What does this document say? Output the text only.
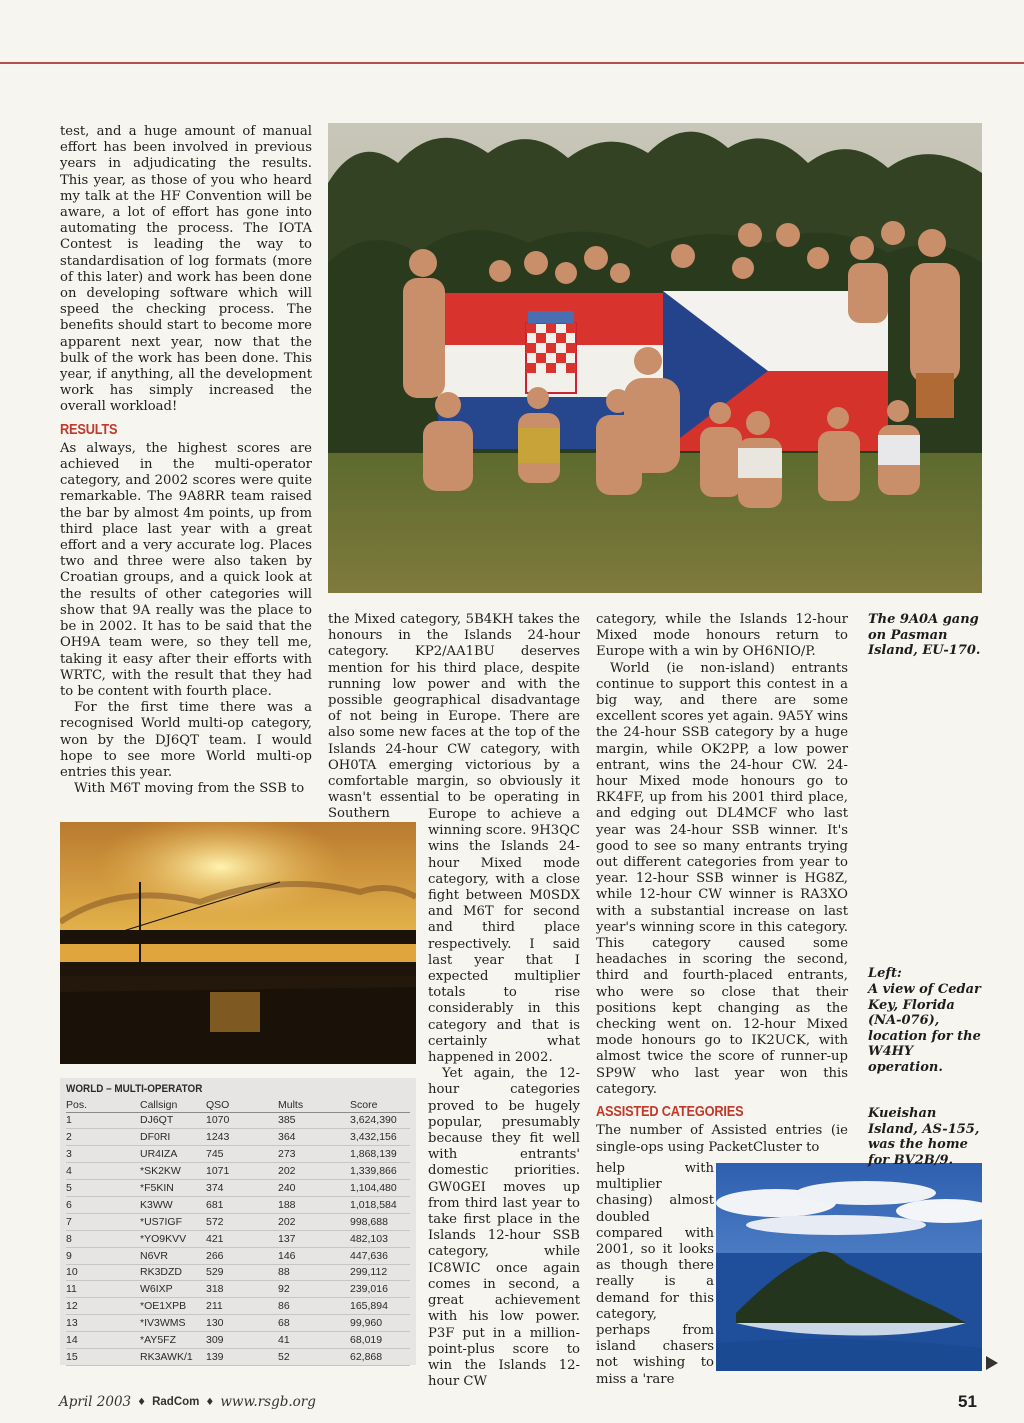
test, and a huge amount of manual effort has been involved in previous years in adjudicating the results. This year, as those of you who heard my talk at the HF Convention will be aware, a lot of effort has gone into automating the process. The IOTA Contest is leading the way to standardisation of log formats (more of this later) and work has been done on developing software which will speed the checking process. The benefits should start to become more apparent next year, now that the bulk of the work has been done. This year, if anything, all the development work has simply increased the overall workload!

RESULTS

As always, the highest scores are achieved in the multi-operator category, and 2002 scores were quite remarkable. The 9A8RR team raised the bar by almost 4m points, up from third place last year with a great effort and a very accurate log. Places two and three were also taken by Croatian groups, and a quick look at the results of other categories will show that 9A really was the place to be in 2002. It has to be said that the OH9A team were, so they tell me, taking it easy after their efforts with WRTC, with the result that they had to be content with fourth place.

For the first time there was a recognised World multi-op category, won by the DJ6QT team. I would hope to see more World multi-op entries this year.

With M6T moving from the SSB to

the Mixed category, 5B4KH takes the honours in the Islands 24-hour category. KP2/AA1BU deserves mention for his third place, despite running low power and with the possible geographical disadvantage of not being in Europe. There are also some new faces at the top of the Islands 24-hour CW category, with OH0TA emerging victorious by a comfortable margin, so obviously it wasn't essential to be operating in Southern	Europe to achieve a winning score. 9H3QC wins the Islands 24-hour Mixed mode category, with a close fight between M0SDX and M6T for second and third place respectively. I said last year that I expected multiplier totals to rise considerably in this category and that is certainly what happened in 2002.

Yet again, the 12-hour categories proved to be hugely popular, presumably because they fit well with entrants' domestic priorities. GW0GEI moves up from third last year to take first place in the Islands 12-hour SSB category, while IC8WIC once again comes in second, a great achievement with his low power. P3F put in a million-point-plus score to win the Islands 12-hour CW

category, while the Islands 12-hour Mixed mode honours return to Europe with a win by OH6NIO/P.

World (ie non-island) entrants continue to support this contest in a big way, and there are some excellent scores yet again. 9A5Y wins the 24-hour SSB category by a huge margin, while OK2PP, a low power entrant, wins the 24-hour CW. 24-hour Mixed mode honours go to RK4FF, up from his 2001 third place, and edging out DL4MCF who last year was 24-hour SSB winner. It's good to see so many entrants trying out different categories from year to year. 12-hour SSB winner is HG8Z, while 12-hour CW winner is RA3XO with a substantial increase on last year's winning score in this category. This category caused some headaches in scoring the second, third and fourth-placed entrants, who were so close that their positions kept changing as the checking went on. 12-hour Mixed mode honours go to IK2UCK, with almost twice the score of runner-up SP9W who last year won this category.

ASSISTED CATEGORIES

The number of Assisted entries (ie single-ops using PacketCluster to

help with multiplier chasing) almost doubled compared with 2001, so it looks as though there really is a demand for this category, perhaps from island chasers not wishing to miss a 'rare

WORLD – MULTI-OPERATOR
Pos.	Callsign	QSO	Mults	Score
1	DJ6QT	1070	385	3,624,390
2	DF0RI	1243	364	3,432,156
3	UR4IZA	745	273	1,868,139
4	*SK2KW	1071	202	1,339,866
5	*F5KIN	374	240	1,104,480
6	K3WW	681	188	1,018,584
7	*US7IGF	572	202	998,688
8	*YO9KVV	421	137	482,103
9	N6VR	266	146	447,636
10	RK3DZD	529	88	299,112
11	W6IXP	318	92	239,016
12	*OE1XPB	211	86	165,894
13	*IV3WMS	130	68	99,960
14	*AY5FZ	309	41	68,019
15	RK3AWK/1	139	52	62,868
The 9A0A gang on Pasman Island, EU-170.
Left:
A view of Cedar Key, Florida (NA-076), location for the W4HY operation.
Kueishan Island, AS-155, was the home for BV2B/9.
April 2003 ♦ RadCom ♦ www.rsgb.org	51
